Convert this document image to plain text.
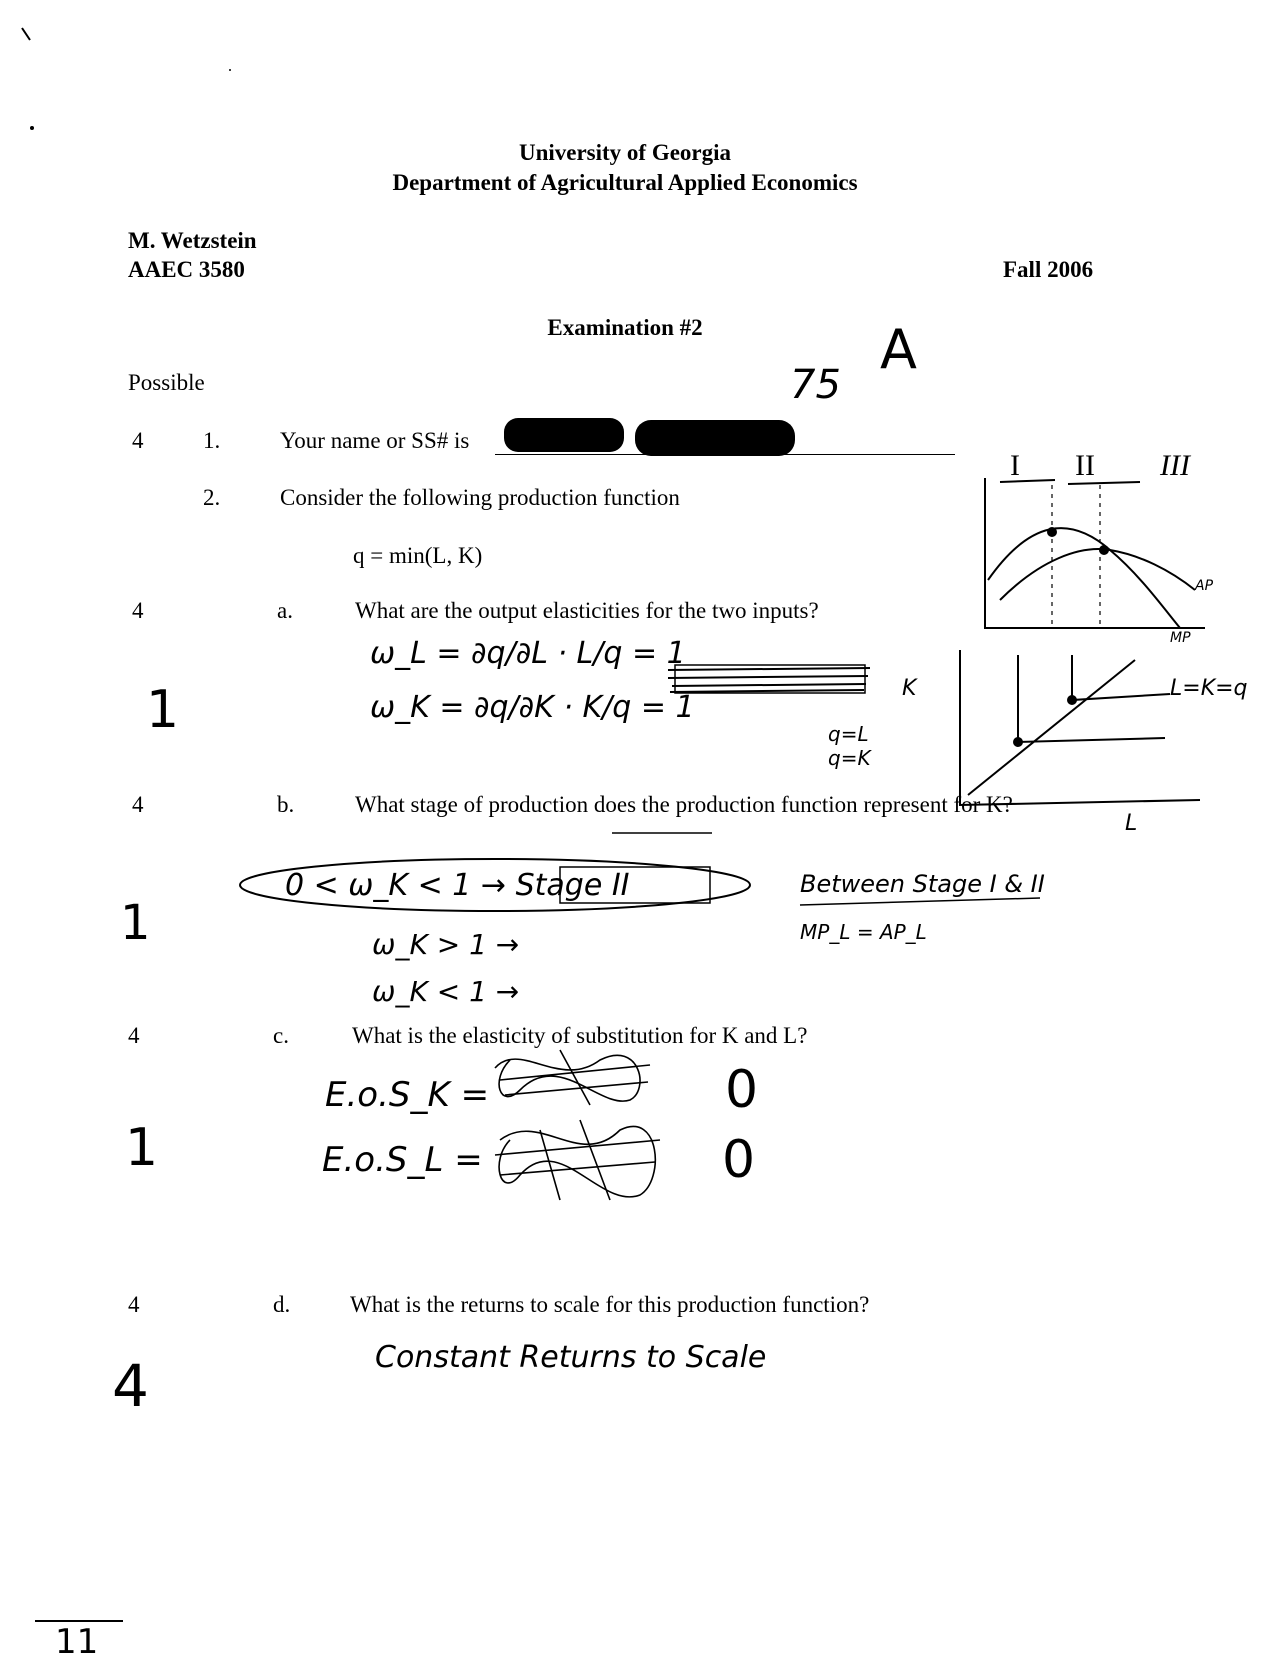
University of Georgia
Department of Agricultural Applied Economics
M. Wetzstein
AAEC 3580	Fall 2006
Examination #2
75
A
Possible
4	1.	Your name or SS# is
2.	Consider the following production function
q = min(L, K)
4	a.	What are the output elasticities for the two inputs?
ω_L = ∂q/∂L · L/q = 1
ω_K = ∂q/∂K · K/q = 1
q=L
q=K
1
4	b.	What stage of production does the production function represent for K?
0 < ω_K < 1 → Stage II	Between Stage I & II
MP_L = AP_L
ω_K > 1 →
ω_K < 1 →
1
4	c.	What is the elasticity of substitution for K and L?
E.o.S_K =
E.o.S_L =
0
0
1
4	d.	What is the returns to scale for this production function?
Constant Returns to Scale
4
11
K
I II III
AP
MP
L=K=q
L
